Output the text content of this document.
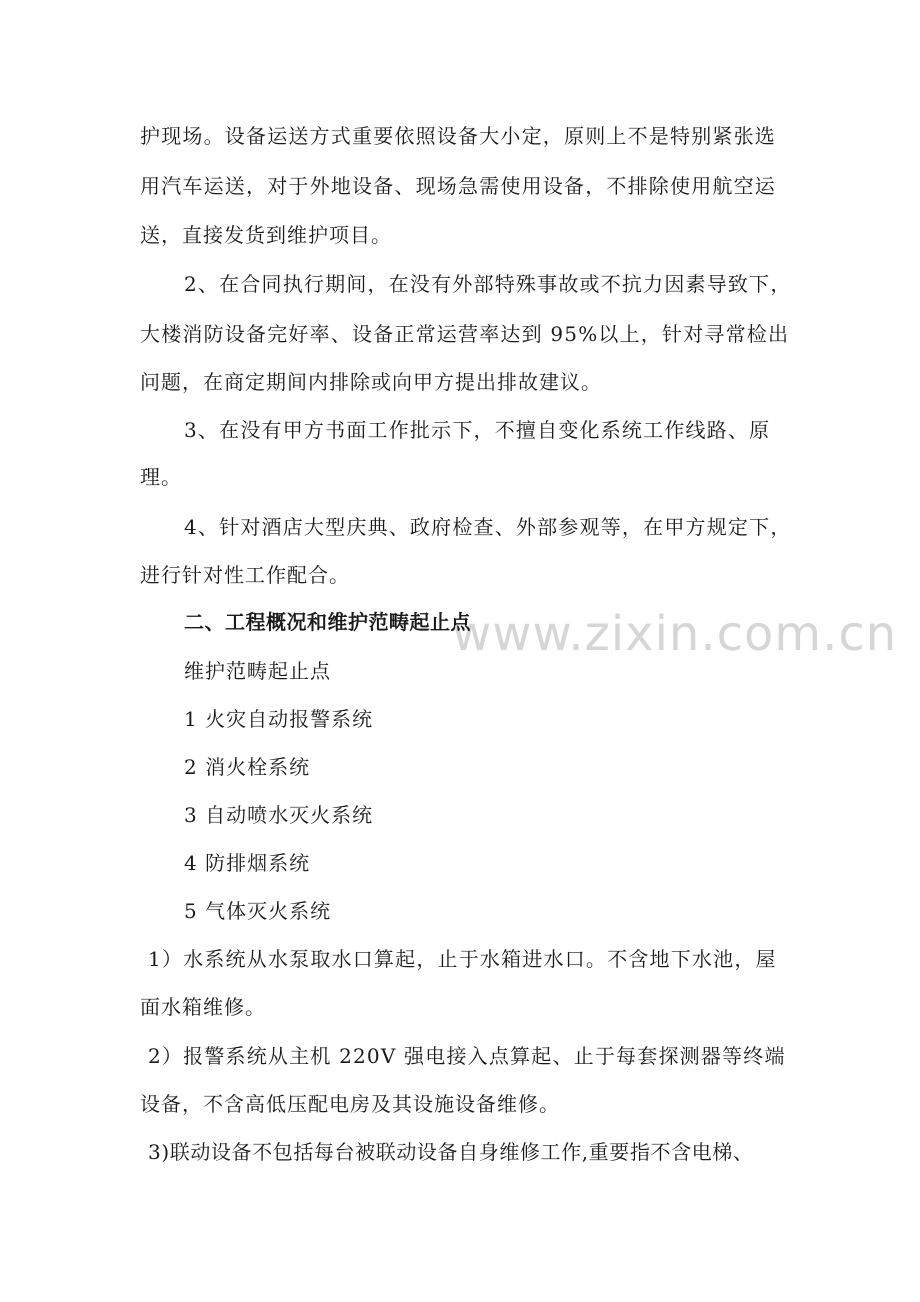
www.zixin.com.cn
护现场。设备运送方式重要依照设备大小定，原则上不是特别紧张选
用汽车运送，对于外地设备、现场急需使用设备，不排除使用航空运
送，直接发货到维护项目。
2、在合同执行期间，在没有外部特殊事故或不抗力因素导致下，
大楼消防设备完好率、设备正常运营率达到 95%以上，针对寻常检出
问题，在商定期间内排除或向甲方提出排故建议。
3、在没有甲方书面工作批示下，不擅自变化系统工作线路、原
理。
4、针对酒店大型庆典、政府检查、外部参观等，在甲方规定下，
进行针对性工作配合。
二、工程概况和维护范畴起止点
维护范畴起止点
1 火灾自动报警系统
2 消火栓系统
3 自动喷水灭火系统
4 防排烟系统
5 气体灭火系统
1）水系统从水泵取水口算起，止于水箱进水口。不含地下水池，屋
面水箱维修。
2）报警系统从主机 220V 强电接入点算起、止于每套探测器等终端
设备，不含高低压配电房及其设施设备维修。
3)联动设备不包括每台被联动设备自身维修工作,重要指不含电梯、
